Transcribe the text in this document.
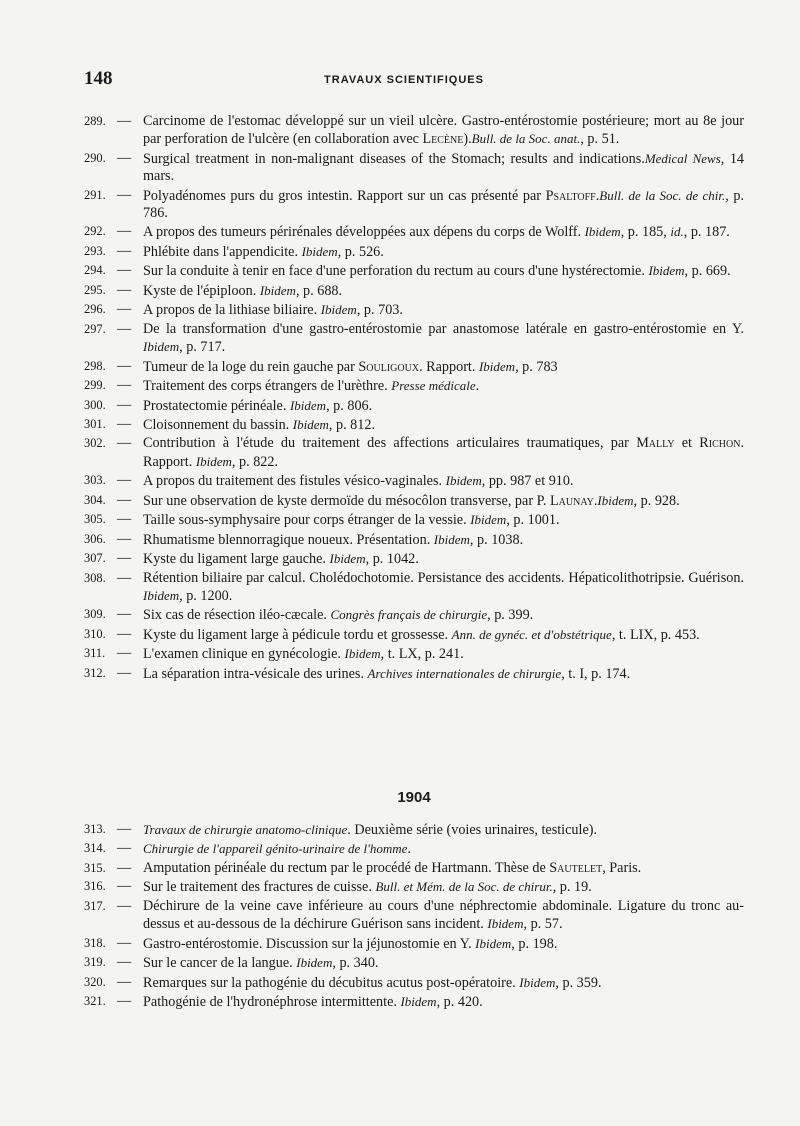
148	TRAVAUX SCIENTIFIQUES
289. — Carcinome de l'estomac développé sur un vieil ulcère. Gastro-entérostomie postérieure; mort au 8e jour par perforation de l'ulcère (en collaboration avec Lecène).Bull. de la Soc. anat., p. 51.
290. — Surgical treatment in non-malignant diseases of the Stomach; results and indications.Medical News, 14 mars.
291. — Polyadénomes purs du gros intestin. Rapport sur un cas présenté par Psaltoff.Bull. de la Soc. de chir., p. 786.
292. — A propos des tumeurs périrénales développées aux dépens du corps de Wolff. Ibidem, p. 185, id., p. 187.
293. — Phlébite dans l'appendicite. Ibidem, p. 526.
294. — Sur la conduite à tenir en face d'une perforation du rectum au cours d'une hystérectomie. Ibidem, p. 669.
295. — Kyste de l'épiploon. Ibidem, p. 688.
296. — A propos de la lithiase biliaire. Ibidem, p. 703.
297. — De la transformation d'une gastro-entérostomie par anastomose latérale en gastro-entérostomie en Y. Ibidem, p. 717.
298. — Tumeur de la loge du rein gauche par Souligoux. Rapport. Ibidem, p. 783
299. — Traitement des corps étrangers de l'urèthre. Presse médicale.
300. — Prostatectomie périnéale. Ibidem, p. 806.
301. — Cloisonnement du bassin. Ibidem, p. 812.
302. — Contribution à l'étude du traitement des affections articulaires traumatiques, par Mally et Richon. Rapport. Ibidem, p. 822.
303. — A propos du traitement des fistules vésico-vaginales. Ibidem, pp. 987 et 910.
304. — Sur une observation de kyste dermoïde du mésocôlon transverse, par P. Launay.Ibidem, p. 928.
305. — Taille sous-symphysaire pour corps étranger de la vessie. Ibidem, p. 1001.
306. — Rhumatisme blennorragique noueux. Présentation. Ibidem, p. 1038.
307. — Kyste du ligament large gauche. Ibidem, p. 1042.
308. — Rétention biliaire par calcul. Cholédochotomie. Persistance des accidents. Hépaticolithotripsie. Guérison. Ibidem, p. 1200.
309. — Six cas de résection iléo-cæcale. Congrès français de chirurgie, p. 399.
310. — Kyste du ligament large à pédicule tordu et grossesse. Ann. de gynéc. et d'obstétrique, t. LIX, p. 453.
311. — L'examen clinique en gynécologie. Ibidem, t. LX, p. 241.
312. — La séparation intra-vésicale des urines. Archives internationales de chirurgie, t. I, p. 174.
1904
313. — Travaux de chirurgie anatomo-clinique. Deuxième série (voies urinaires, testicule).
314. — Chirurgie de l'appareil génito-urinaire de l'homme.
315. — Amputation périnéale du rectum par le procédé de Hartmann. Thèse de Sautelet, Paris.
316. — Sur le traitement des fractures de cuisse. Bull. et Mém. de la Soc. de chirur., p. 19.
317. — Déchirure de la veine cave inférieure au cours d'une néphrectomie abdominale. Ligature du tronc au-dessus et au-dessous de la déchirure Guérison sans incident. Ibidem, p. 57.
318. — Gastro-entérostomie. Discussion sur la jéjunostomie en Y. Ibidem, p. 198.
319. — Sur le cancer de la langue. Ibidem, p. 340.
320. — Remarques sur la pathogénie du décubitus acutus post-opératoire. Ibidem, p. 359.
321. — Pathogénie de l'hydronéphrose intermittente. Ibidem, p. 420.
